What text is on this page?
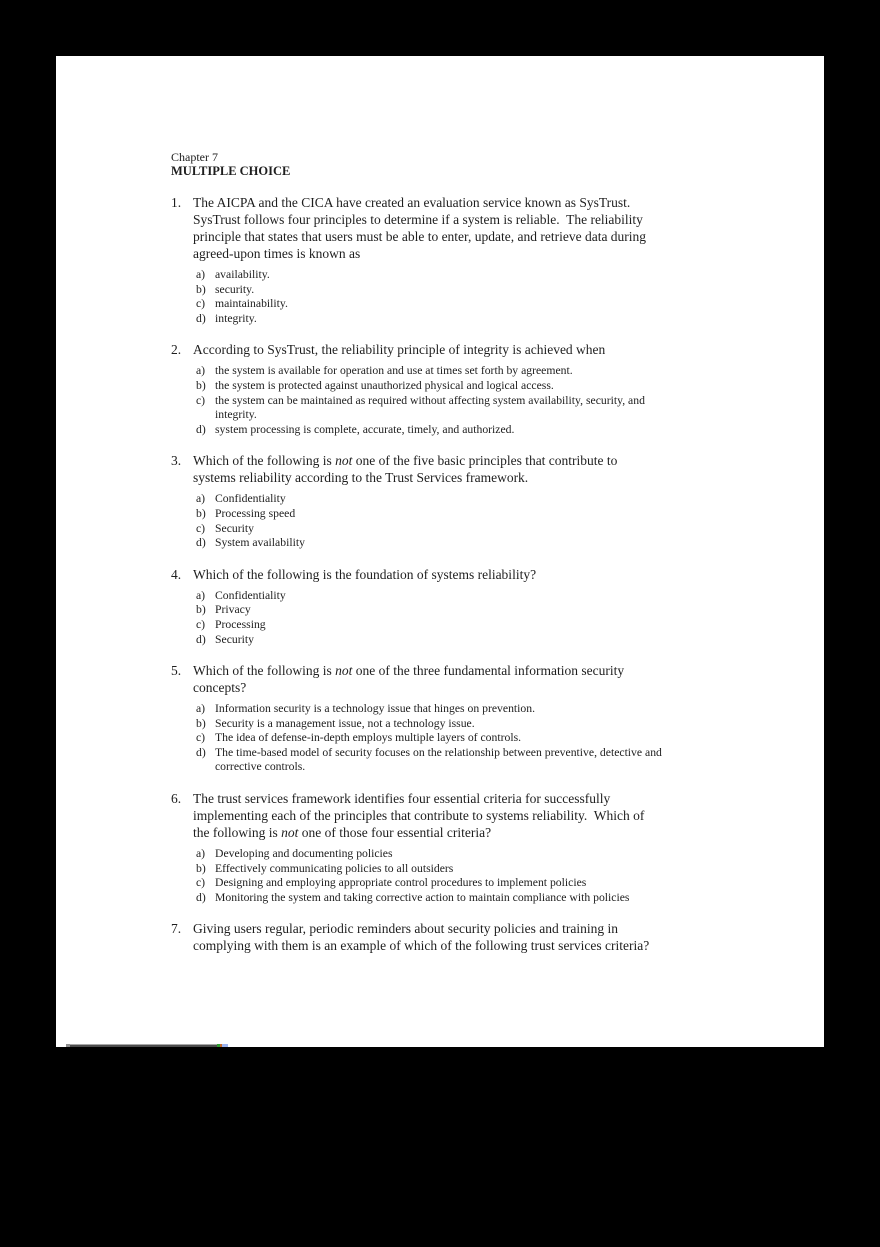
Chapter 7
MULTIPLE CHOICE
1. The AICPA and the CICA have created an evaluation service known as SysTrust.
SysTrust follows four principles to determine if a system is reliable.  The reliability
principle that states that users must be able to enter, update, and retrieve data during
agreed-upon times is known as
a) availability.
b) security.
c) maintainability.
d) integrity.
2. According to SysTrust, the reliability principle of integrity is achieved when
a) the system is available for operation and use at times set forth by agreement.
b) the system is protected against unauthorized physical and logical access.
c) the system can be maintained as required without affecting system availability, security, and
integrity.
d) system processing is complete, accurate, timely, and authorized.
3. Which of the following is not one of the five basic principles that contribute to
systems reliability according to the Trust Services framework.
a) Confidentiality
b) Processing speed
c) Security
d) System availability
4. Which of the following is the foundation of systems reliability?
a) Confidentiality
b) Privacy
c) Processing
d) Security
5. Which of the following is not one of the three fundamental information security
concepts?
a) Information security is a technology issue that hinges on prevention.
b) Security is a management issue, not a technology issue.
c) The idea of defense-in-depth employs multiple layers of controls.
d) The time-based model of security focuses on the relationship between preventive, detective and
corrective controls.
6. The trust services framework identifies four essential criteria for successfully
implementing each of the principles that contribute to systems reliability.  Which of
the following is not one of those four essential criteria?
a) Developing and documenting policies
b) Effectively communicating policies to all outsiders
c) Designing and employing appropriate control procedures to implement policies
d) Monitoring the system and taking corrective action to maintain compliance with policies
7. Giving users regular, periodic reminders about security policies and training in
complying with them is an example of which of the following trust services criteria?
